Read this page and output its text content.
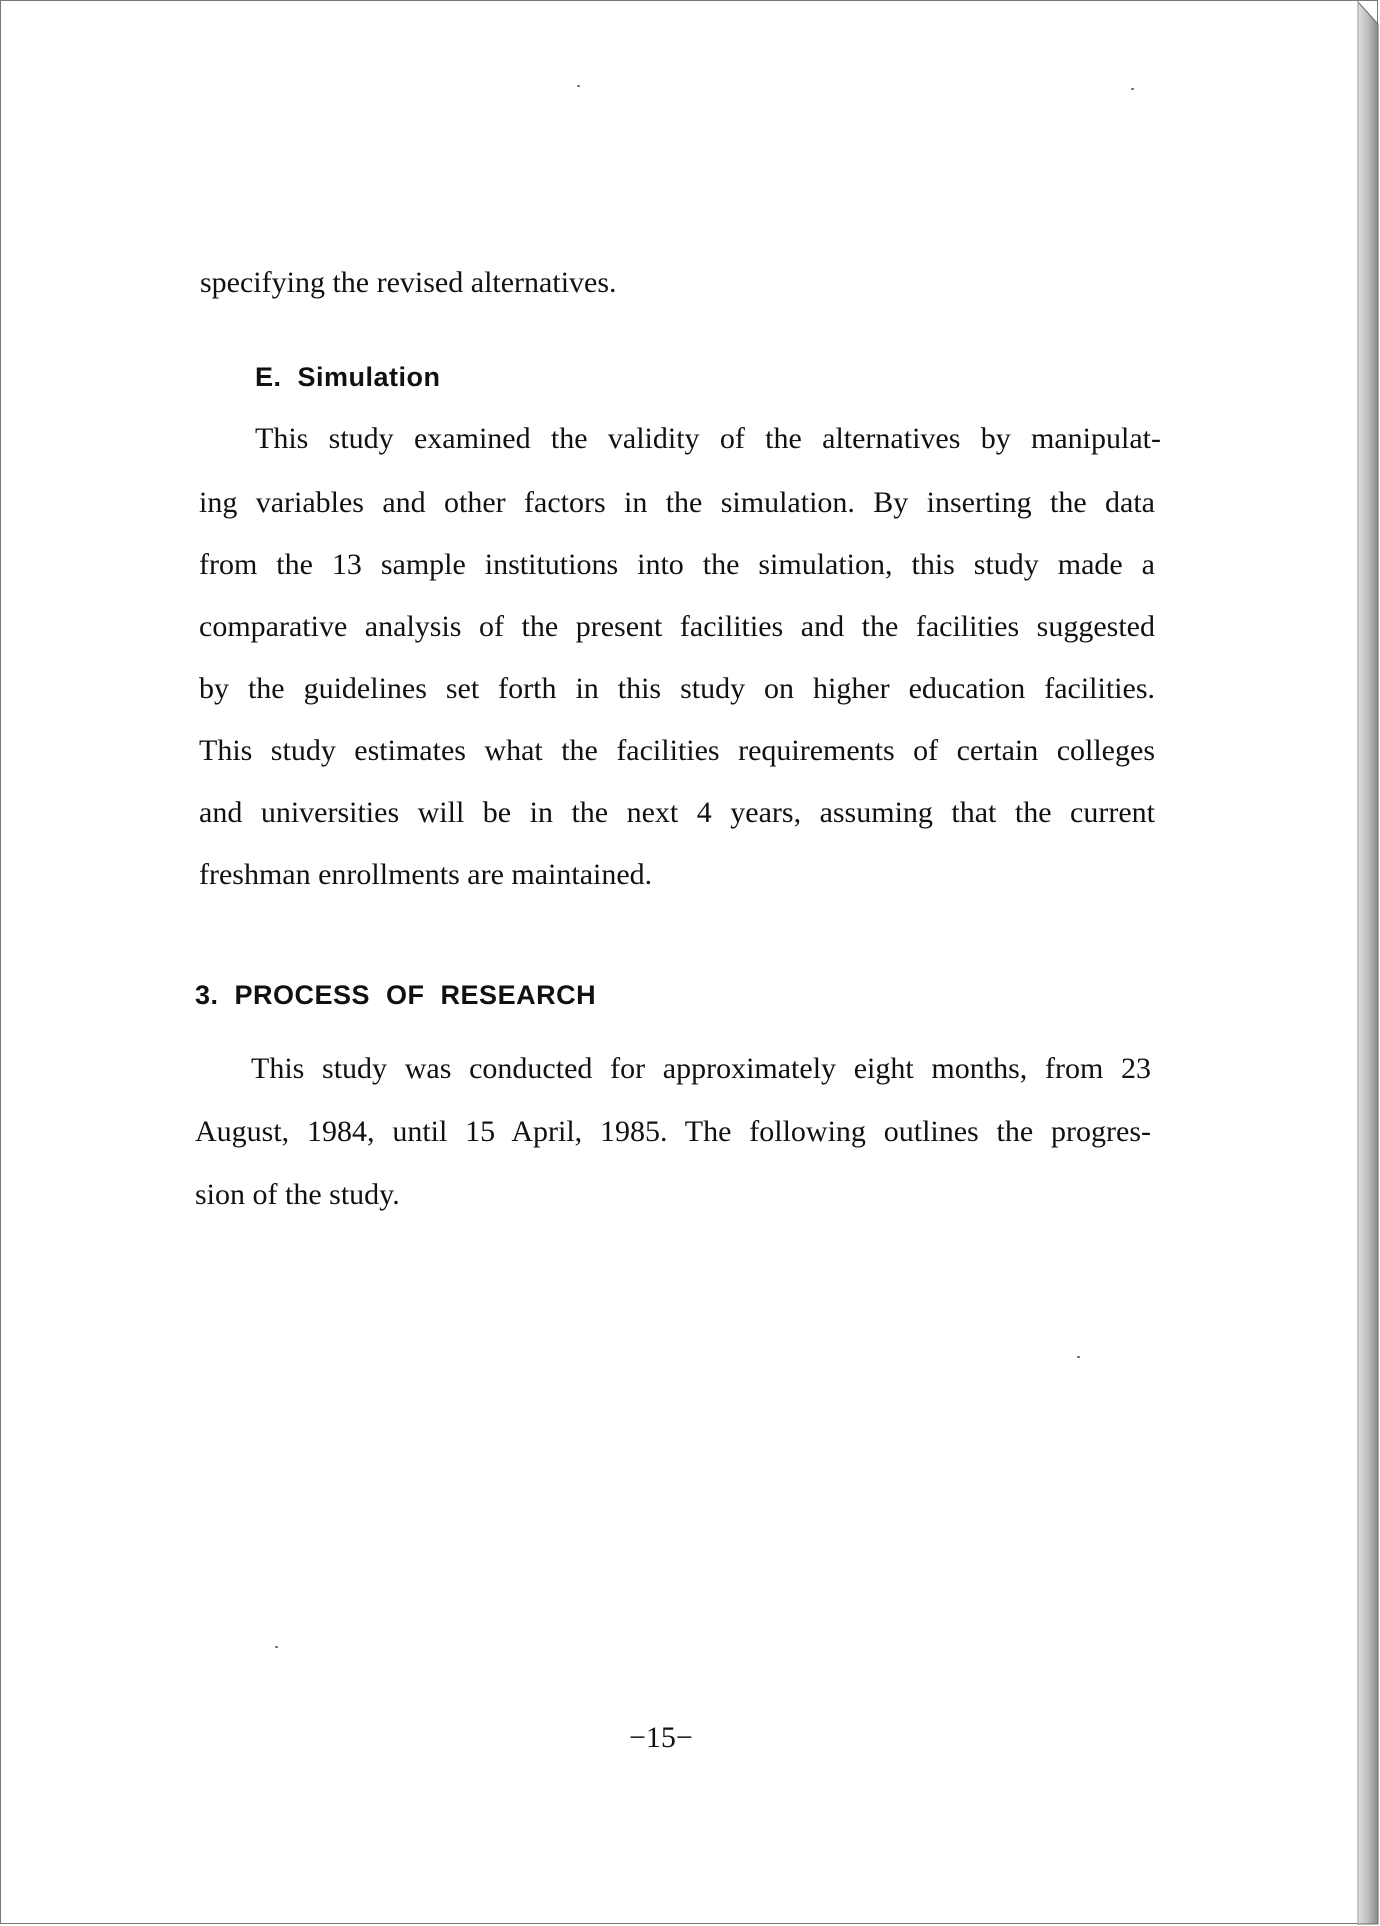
specifying the revised alternatives.

E.  Simulation

This study examined the validity of the alternatives by manipulat-

ing variables and other factors in the simulation. By inserting the data

from the 13 sample institutions into the simulation, this study made a

comparative analysis of the present facilities and the facilities suggested

by the guidelines set forth in this study on higher education facilities.

This study estimates what the facilities requirements of certain colleges

and universities will be in the next 4 years, assuming that the current

freshman enrollments are maintained.

3.  PROCESS  OF  RESEARCH

This study was conducted for approximately eight months, from 23

August, 1984, until 15 April, 1985. The following outlines the progres-

sion of the study.

−15−
